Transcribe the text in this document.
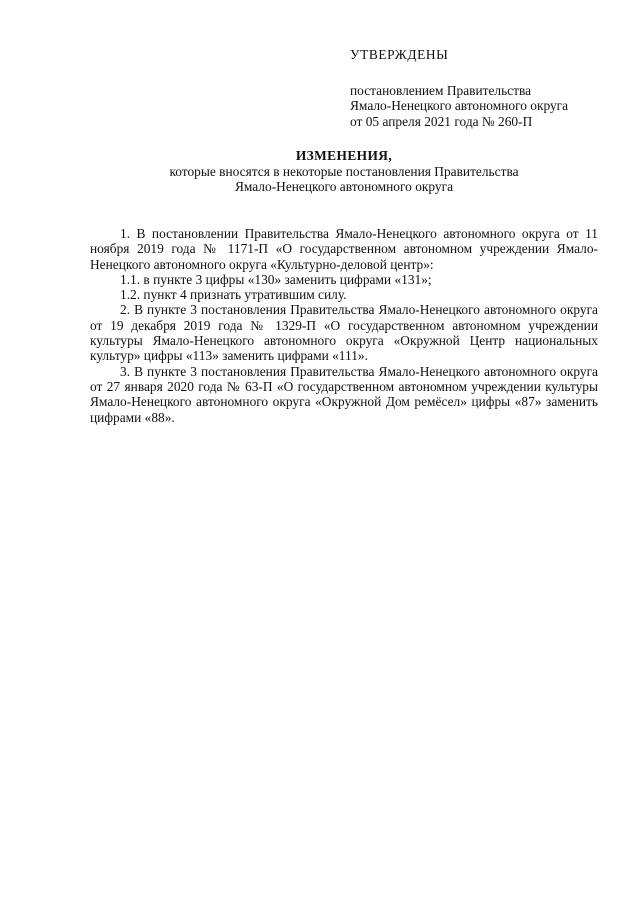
УТВЕРЖДЕНЫ

постановлением Правительства

Ямало-Ненецкого автономного округа

от 05 апреля 2021 года № 260-П

ИЗМЕНЕНИЯ,

которые вносятся в некоторые постановления Правительства

Ямало-Ненецкого автономного округа

1. В постановлении Правительства Ямало-Ненецкого автономного округа от 11 ноября 2019 года № 1171-П «О государственном автономном учреждении Ямало-Ненецкого автономного округа «Культурно-деловой центр»:

1.1. в пункте 3 цифры «130» заменить цифрами «131»;

1.2. пункт 4 признать утратившим силу.

2. В пункте 3 постановления Правительства Ямало-Ненецкого автономного округа от 19 декабря 2019 года № 1329-П «О государственном автономном учреждении культуры Ямало-Ненецкого автономного округа «Окружной Центр национальных культур» цифры «113» заменить цифрами «111».

3. В пункте 3 постановления Правительства Ямало-Ненецкого автономного округа от 27 января 2020 года № 63-П «О государственном автономном учреждении культуры Ямало-Ненецкого автономного округа «Окружной Дом ремёсел» цифры «87» заменить цифрами «88».
